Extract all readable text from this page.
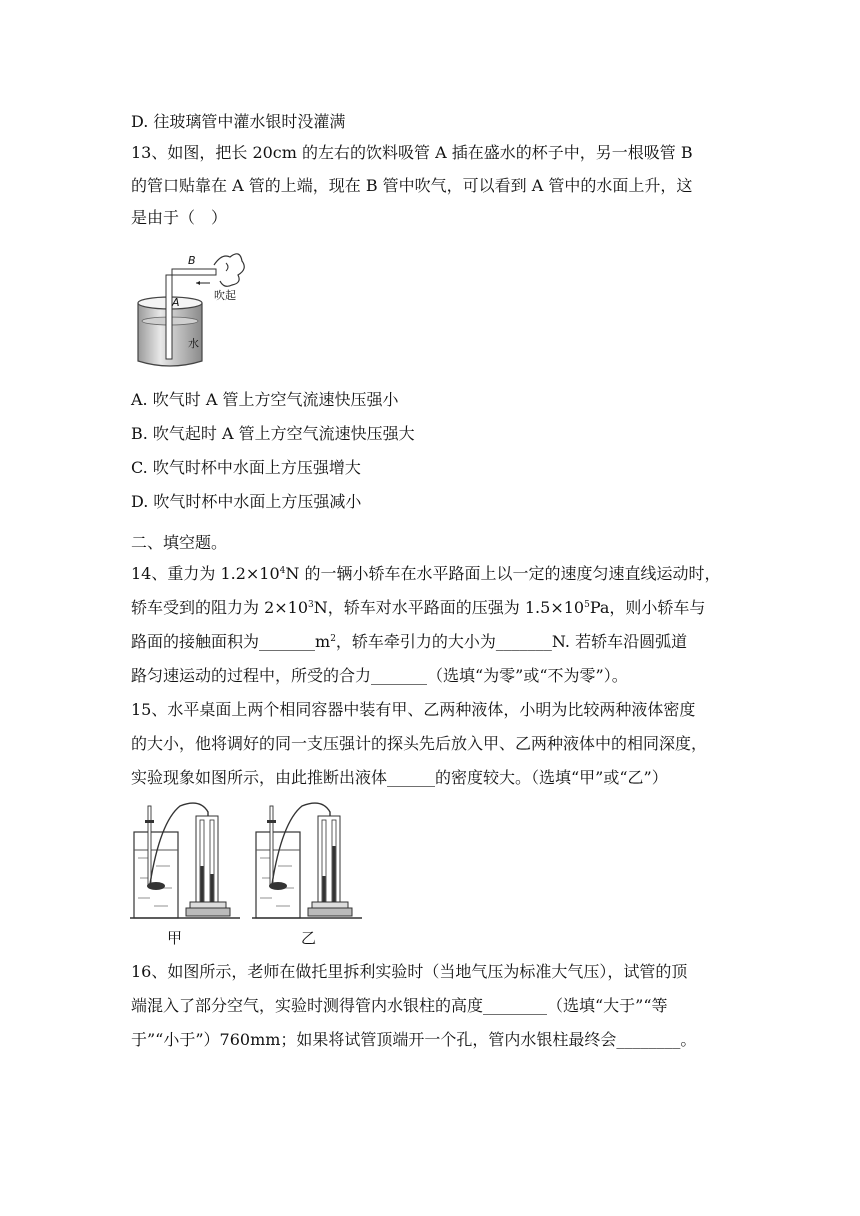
D. 往玻璃管中灌水银时没灌满
13、如图，把长 20cm 的左右的饮料吸管 A 插在盛水的杯子中，另一根吸管 B
的管口贴靠在 A 管的上端，现在 B 管中吹气，可以看到 A 管中的水面上升，这
是由于（　）
B
A
吹起
水
A. 吹气时 A 管上方空气流速快压强小
B. 吹气起时 A 管上方空气流速快压强大
C. 吹气时杯中水面上方压强增大
D. 吹气时杯中水面上方压强减小
二、填空题。
14、重力为 $1.2\times 10^4N$ 的一辆小轿车在水平路面上以一定的速度匀速直线运动时，
轿车受到的阻力为 $2\times 10^3N$，轿车对水平路面的压强为 $1.5\times 10^5Pa$，则小轿车与
路面的接触面积为$\_\_\_\_\_\_\_m^2$，轿车牵引力的大小为_______N. 若轿车沿圆弧道
路匀速运动的过程中，所受的合力_______（选填“为零”或“不为零”）。
15、水平桌面上两个相同容器中装有甲、乙两种液体，小明为比较两种液体密度
的大小，他将调好的同一支压强计的探头先后放入甲、乙两种液体中的相同深度，
实验现象如图所示，由此推断出液体______的密度较大。（选填“甲”或“乙”）
甲	乙
16、如图所示，老师在做托里拆利实验时（当地气压为标准大气压），试管的顶
端混入了部分空气，实验时测得管内水银柱的高度________（选填“大于”“等
于”“小于”）760mm；如果将试管顶端开一个孔，管内水银柱最终会________。
